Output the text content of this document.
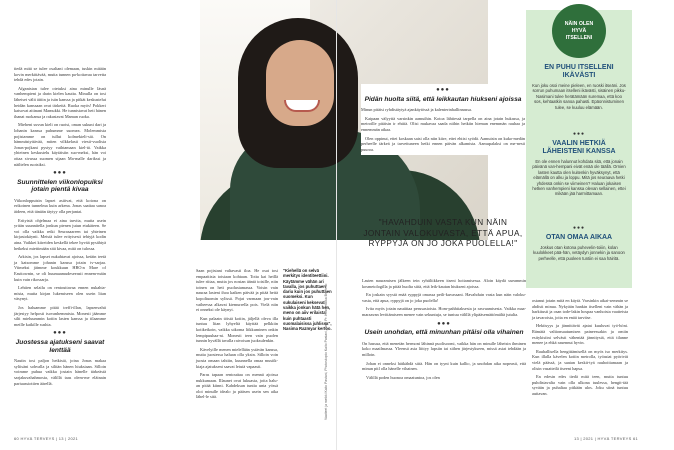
tiedä mitä se tulee osaltani olemaan, tuskin mitään kovin merkittävää, mutta tunnen pa-kottavaa tarvetta tehdä edes jotain.

Afganistan tulee otetuksi aina minulle läsnä vanhempieni ja darin kielen kautta. Minulla on tosi läheiset välit äitiin ja isän kanssa ja pitkät keskustelut heidän kanssaan ovat tärkeitä. Ruoka myös! Pokkeri katsovat aitinani Mamukki. He tunnistavat heti hänen ihanat ruokansa ja rakastavat Maman ruoka.

Mieheni suvun kieli on ruotsi, oman sukuni dari ja lohanin kanssa puhumme suomea. Molemmista pojistamme on tullut kolmekieli-siä. On hämmästyttävää, miten vilkkelasti viesti-vuolisia Jonas-pojkani pystyy vaihtamaan kiel-tä. Vaikka yhteinen keskustelu käytäisiin suo-meksi, hän voi ottaa sivussa suomen sijaan Ma-malle darikssi ja näiltelen ruotsiksi.

●●●
Suunnittelen viikonlopuiksi jotain pientä kivaa

Viikonloppuisin lapset asiitvat, että kotona on erikoinen tunnelma kuin arkena. Jonas saattaa sanoa äideen, että tänään täytyy olla perjantai.

Erityistä ohjelmaa ei aina tarvita, mutta usein yritän suunnitella jonkun pienen jutun etukäteen. Se voi olla vaikka retki Seurasaareen tai yhteinen kirjastokäynti. Meistä tulee erityisesti tehtyjä kodin aina. Vaikkei kiireiden keskellä tekee hyvää pysähtyä hetkeksi miettimään sitä kivaa, mitä on tulossa.

Arkisin, jos lapset nukahtavat ajoissa, ketäin teetä ja katsomme johanin kanssa jotain tv-sarjaa. Viimeksi jäimme koukkuun HBO:n Mare of Easttownin, se oli huumaamudeseeasti ennem-mäin kuin vain rikossarja.

Lehtien selailu on rentouttavaa ennen nukahta-mista, mutta kirjan lukemiseen olen usein liian väsynyt.

Jos haluamme pitää treffi-illan, lapsenvahti järjestyy helposti isovanhemmista. Monesti jäämme silti mieluummin kotiin lasten kanssa ja tilaamme meille kaikille sushia.

●●●
Juostessa ajatukseni saavat lenttää

Nautin tosi paljon hetkistä, joina Jonas makaa syliisäni sohvalla ja silitän hänen hiuksiaan. Silloin voimme puhua vaikka jostain hänelle tärkeästä sarjakuvahahmosta, välillä taas olem-me eläinain pariuassiottien äärellä.

Saan pojistani valtavasti iloa. He osat tosi empaattisia toisiaan kohtaan. Totta kai heillä tulee riitaa, mutta jos nostan ääntä toisille, niin toinen on heti puolustamassa. Voisin vain nauraa lasteni ihoa kaiken päivää ja pitää heitä kopoltuomin sylissä. Pojat varmaan jou-vain vaiheessa alkavat kiemurrella pois. Vielä niin ei onneksi ole käynyt.

Kun palaatn töistä kotiin, jäljellä oleva illa tuntuu liian lyhyeltä käyttää pelkkiin kotikeikoin, vaikka uikoma liikkuminen onkin lempipuuhaa-ni. Monesti teen vain puolen tunnin hyvällä tavalla raivoisan juoksulenkin.

Kävelyille menen mielellään ystävän kanssa, mutta juostessa haluan olla yksin. Silloin voin juosta omaan tahtiin, kuunnella omaa musiik-kiaja ajatukseni saavat leiutä vapaasti.

Paras tapaan rentouttaa on mennä ajoissa nukkumaan. Illaunet ovat lukuasta, joita halu-an pitää kiinni. Kahdeksan tuntia unta yössä oloi minulle idealo ja pääsen usein sen aika lähel-le sitä.

60 HYVÄ TERVEYS | 13 | 2021
"Kiehellä on selvä merkitys identiteettiini. Käytämme vähän ari tavalla, jos puhuttaen dariu kuin jos puhuttaen suomeksi. Kun sukulaiseni keksevat vaikka jonkun hätä hen, meno on aiiv erilaista kuin puhtaasti suomalaisissa juhlissa", Nasima Razmyar kertoo.
Vaatteet ja meikki Kaito Pastani, Photoskopio Kaito Pastani, Aimo Pr. Kosmetiikka Bri Hello
●●●
Pidän huolta siitä, että leikkautan hiukseni ajoissa

Minun pitäisi ryhdistäytyä ajankäytössä ja kalenterinhallinnassa.

Kaipaan välyyttä varsinkin aamuihin. Kotoa lähtiessä tarpella on aina jotain hukassa, ja metroille pitäisin ir ehtiiä. Olisi mukavaa saada niihin hetkiin hieman enemmän rauhaa ja ennemmän aikaa.

Olen oppinut, ettei koskaan saisi olla niin kiire, ettei ehtisi syödä. Aamuisin on kuko-medän perheelle tärkeä ja tarvettuneen hetki ennen päivän alkamista. Aamupalaksi on me-nesti puuroa.

"HAVAHDUIN VASTA KUN NÄIN JONTAIN VALOKUVASTA, ETTÄ APUA, RYPPYJÄ ON JO JOKA PUOLELLA!"

Lasten nauramisen jälkeen tein ryhtiliikkeen itseni hoitamisessa. Aloin käydä useammin kosmetologilla ja pitää huolta siitä, että leik-kautan hiukseni ajoissa.

En joskain syystä enää ryppyjä omassa peili-kuvassani. Havahduin vasta kun näin valoku-vasta, että apua, ryppyjä on jo joka puolella!

Ivita myös jotain nautittaa perusasioista. Hom-pahhtiaksesta ja rasvaamisesta. Vaikka maa-maraavan levittämiseen menee vain sekuntuja, se tuntuu välillä ylipääsemättömältä jutulta.

●●●
Usein unohdan, että minunhan pitäisi olla vihainen

On hassua, että menetän hermoni lähinnä puolisoomi, vaikka hän on minulle läheisin ihminen koko maailmassa. Yleensä asia liittyy lapsiin tai siihen järjestykseen, missä asiat tehdään ja milloin.

Johan ei onneksi hätkähdä siitä. Hän on tyyni kuin kallio, ja unohdan aika nopeasti, että minun pitl olla hänelle vihainen.

Välillä poden huonoa omaatuntoa, jos olen

ostanut jotain mitä en käytä. Varsinkin aikai-semmin se ahdisti minua. Nykyään hankin itselleni vain vähän ja harkitusti ja osan tode-lakin hospaa vanhoista vaatteista ja tavaroista, joita en enää tarvitse.

Hektisyys ja jännittävät ajatat kuuluvat työ-höni. Rämätä valtionsaatumisen paineessakin ja omiin esitykisiini selvästi vähentää jännitystä, että tilanne menee ja ehkä rauennut hyvin.

Rauhallisella hengittämisellä on myös iso merkitys. Kun illalla kävelen kotiin metrolla, työasiat pyörivät vielä päässä, ja saatan keskit-tyä rauhoittamaan ja olisin vasatteilä itseeni hapsa.

En edesin edes tiedä mitä teen, mutta tuntuu puhdistavalta vain olla ulkona tuulessa, hengit-tää syvään ja puhaltaa pitkään ulos. Joku siinä tuntuu auttavan.

NÄIN OLEN HYVÄ ITSELLENI
EN PUHU ITSELLENI IKÄVÄSTI
Kun joku osoi meine pieleen, en ruoski itseäni. Jos sorrun puhumaan itselleni ikävästi, sisäinen pikku-Nasimani tulee herätämään suremaa, että koo sos, kehtaatkin sanoa pahasti. Epäonnistuminen tulee, se kuuluu elämään.
●●●
VAALIN HETKIÄ LÄHEISTENI KANSSA
En ole ennen halunnut kohdata sitä, että jonain päivänä van-hempani eivät enää ole täällä. Ornien lasten kautta olen kuitenkin hyväksynyt, että elämällä on alku ja loppu. Mitä jos seuraava hetki yhdessä onkin se viimeinen? Haluan jokaisen hetken vanhempieni kanssa olevan sellainen, ettei mikään jää harmittamaan.
●●●
OTAN OMAA AIKAA
Joskus otan kotona puhevelin-toiiin, kolan kuulokkeet pää-hän, vetäydyn jonnekin ja sanoon perheelle, että puoleen tuntiin ei saa häiritä.
13 | 2021 | HYVÄ TERVEYS 61
